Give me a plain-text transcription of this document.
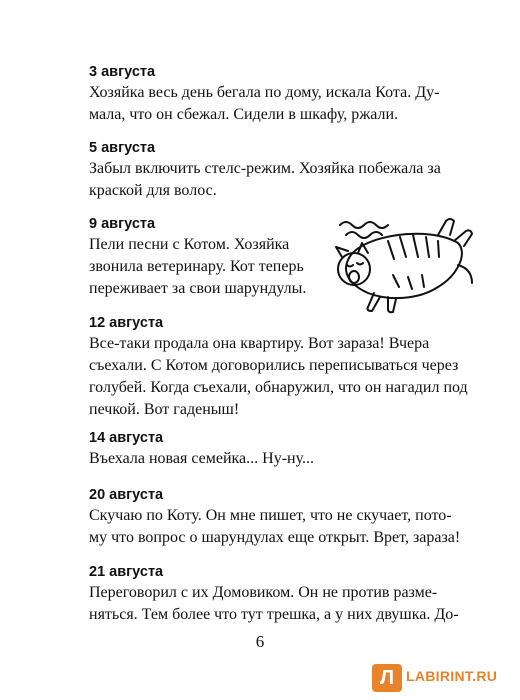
3 августа

Хозяйка весь день бегала по дому, искала Кота. Ду-

мала, что он сбежал. Сидели в шкафу, ржали.

5 августа

Забыл включить стелс-режим. Хозяйка побежала за

краской для волос.

9 августа

Пели песни с Котом. Хозяйка

звонила ветеринару. Кот теперь

переживает за свои шарундулы.

12 августа

Все-таки продала она квартиру. Вот зараза! Вчера

съехали. С Котом договорились переписываться через

голубей. Когда съехали, обнаружил, что он нагадил под

печкой. Вот гаденыш!

14 августа

Въехала новая семейка... Ну-ну...

20 августа

Скучаю по Коту. Он мне пишет, что не скучает, пото-

му что вопрос о шарундулах еще открыт. Врет, зараза!

21 августа

Переговорил с их Домовиком. Он не против разме-

няться. Тем более что тут трешка, а у них двушка. До-

6
Л LABIRINT.RU
